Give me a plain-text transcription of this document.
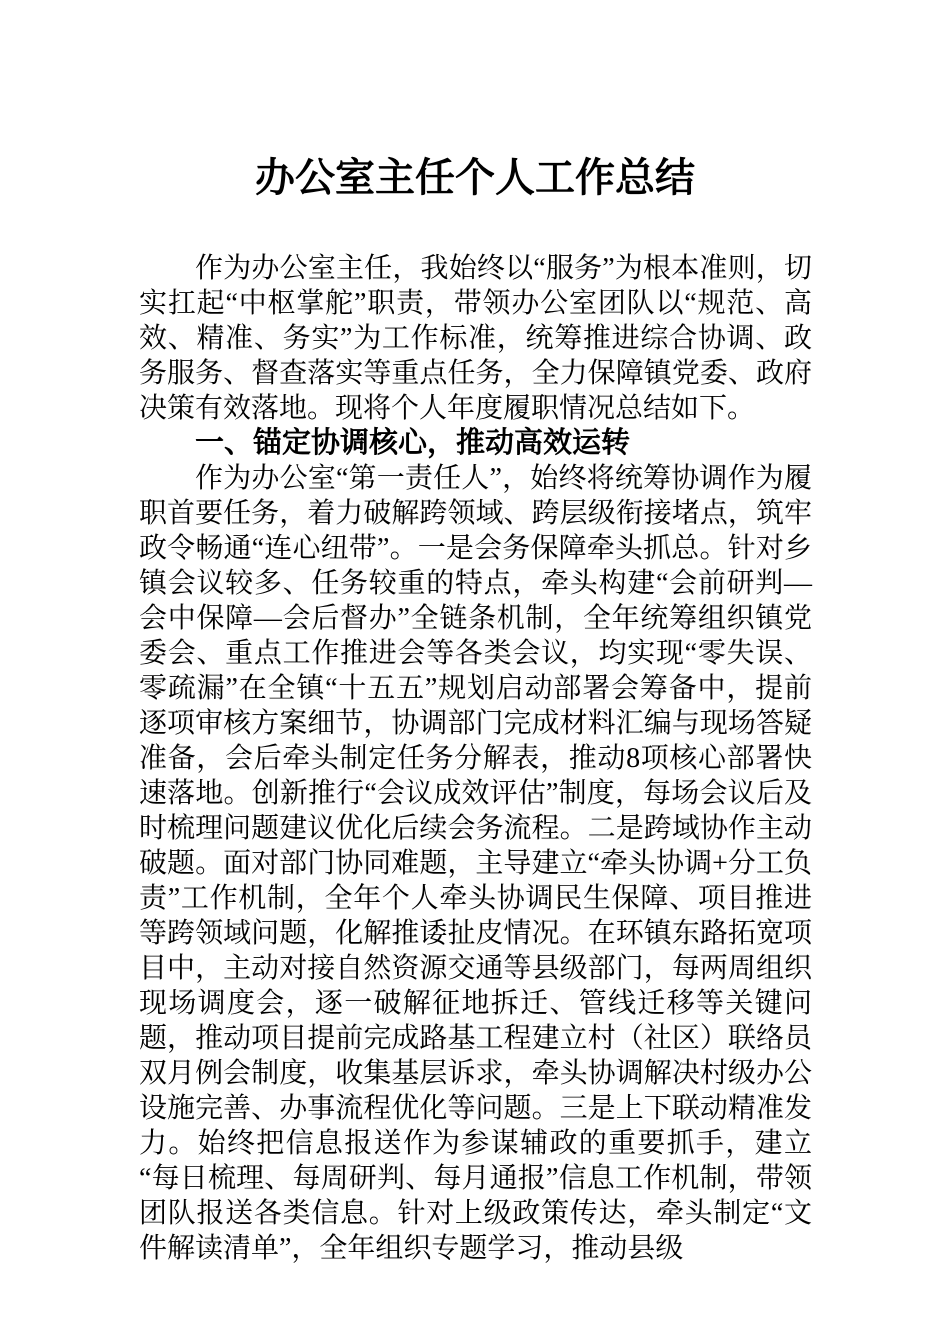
办公室主任个人工作总结

作为办公室主任，我始终以“服务”为根本准则，切实扛起“中枢掌舵”职责，带领办公室团队以“规范、高效、精准、务实”为工作标准，统筹推进综合协调、政务服务、督查落实等重点任务，全力保障镇党委、政府决策有效落地。现将个人年度履职情况总结如下。

一、锚定协调核心，推动高效运转

作为办公室“第一责任人”，始终将统筹协调作为履职首要任务，着力破解跨领域、跨层级衔接堵点，筑牢政令畅通“连心纽带”。一是会务保障牵头抓总。针对乡镇会议较多、任务较重的特点，牵头构建“会前研判—会中保障—会后督办”全链条机制，全年统筹组织镇党委会、重点工作推进会等各类会议，均实现“零失误、零疏漏”在全镇“十五五”规划启动部署会筹备中，提前逐项审核方案细节，协调部门完成材料汇编与现场答疑准备，会后牵头制定任务分解表，推动8项核心部署快速落地。创新推行“会议成效评估”制度，每场会议后及时梳理问题建议优化后续会务流程。二是跨域协作主动破题。面对部门协同难题，主导建立“牵头协调+分工负责”工作机制，全年个人牵头协调民生保障、项目推进等跨领域问题，化解推诿扯皮情况。在环镇东路拓宽项目中，主动对接自然资源交通等县级部门，每两周组织现场调度会，逐一破解征地拆迁、管线迁移等关键问题，推动项目提前完成路基工程建立村（社区）联络员双月例会制度，收集基层诉求，牵头协调解决村级办公设施完善、办事流程优化等问题。三是上下联动精准发力。始终把信息报送作为参谋辅政的重要抓手，建立“每日梳理、每周研判、每月通报”信息工作机制，带领团队报送各类信息。针对上级政策传达，牵头制定“文件解读清单”，全年组织专题学习，推动县级
